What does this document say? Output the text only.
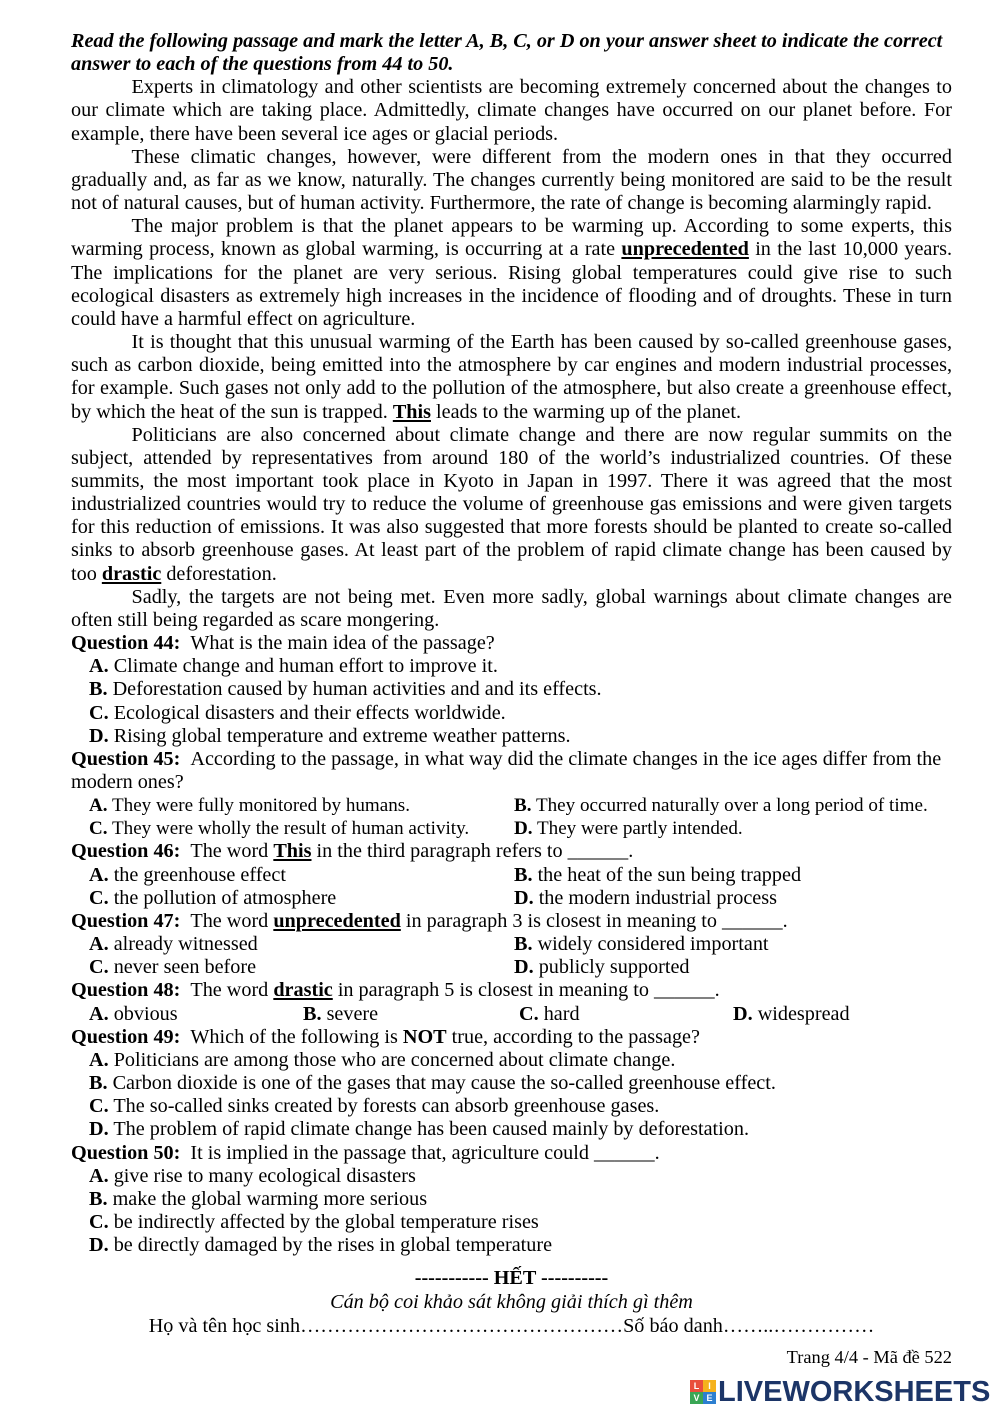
Read the following passage and mark the letter A, B, C, or D on your answer sheet to indicate the correct answer to each of the questions from 44 to 50.

Experts in climatology and other scientists are becoming extremely concerned about the changes to our climate which are taking place. Admittedly, climate changes have occurred on our planet before. For example, there have been several ice ages or glacial periods.

These climatic changes, however, were different from the modern ones in that they occurred gradually and, as far as we know, naturally. The changes currently being monitored are said to be the result not of natural causes, but of human activity. Furthermore, the rate of change is becoming alarmingly rapid.

The major problem is that the planet appears to be warming up. According to some experts, this warming process, known as global warming, is occurring at a rate unprecedented in the last 10,000 years. The implications for the planet are very serious. Rising global temperatures could give rise to such ecological disasters as extremely high increases in the incidence of flooding and of droughts. These in turn could have a harmful effect on agriculture.

It is thought that this unusual warming of the Earth has been caused by so-called greenhouse gases, such as carbon dioxide, being emitted into the atmosphere by car engines and modern industrial processes, for example. Such gases not only add to the pollution of the atmosphere, but also create a greenhouse effect, by which the heat of the sun is trapped. This leads to the warming up of the planet.

Politicians are also concerned about climate change and there are now regular summits on the subject, attended by representatives from around 180 of the world’s industrialized countries. Of these summits, the most important took place in Kyoto in Japan in 1997. There it was agreed that the most industrialized countries would try to reduce the volume of greenhouse gas emissions and were given targets for this reduction of emissions. It was also suggested that more forests should be planted to create so-called sinks to absorb greenhouse gases. At least part of the problem of rapid climate change has been caused by too drastic deforestation.

Sadly, the targets are not being met. Even more sadly, global warnings about climate changes are often still being regarded as scare mongering.

Question 44: What is the main idea of the passage?
A. Climate change and human effort to improve it.
B. Deforestation caused by human activities and and its effects.
C. Ecological disasters and their effects worldwide.
D. Rising global temperature and extreme weather patterns.
Question 45: According to the passage, in what way did the climate changes in the ice ages differ from the modern ones?
A. They were fully monitored by humans.	B. They occurred naturally over a long period of time.
C. They were wholly the result of human activity.	D. They were partly intended.
Question 46: The word This in the third paragraph refers to ______.
A. the greenhouse effect	B. the heat of the sun being trapped
C. the pollution of atmosphere	D. the modern industrial process
Question 47: The word unprecedented in paragraph 3 is closest in meaning to ______.
A. already witnessed	B. widely considered important
C. never seen before	D. publicly supported
Question 48: The word drastic in paragraph 5 is closest in meaning to ______.
A. obvious	B. severe	C. hard	D. widespread
Question 49: Which of the following is NOT true, according to the passage?
A. Politicians are among those who are concerned about climate change.
B. Carbon dioxide is one of the gases that may cause the so-called greenhouse effect.
C. The so-called sinks created by forests can absorb greenhouse gases.
D. The problem of rapid climate change has been caused mainly by deforestation.
Question 50: It is implied in the passage that, agriculture could ______.
A. give rise to many ecological disasters
B. make the global warming more serious
C. be indirectly affected by the global temperature rises
D. be directly damaged by the rises in global temperature
----------- HẾT ----------
Cán bộ coi khảo sát không giải thích gì thêm
Họ và tên học sinh…………………………………………Số báo danh……..……………
Trang 4/4 - Mã đề 522
L I
V E LIVEWORKSHEETS
